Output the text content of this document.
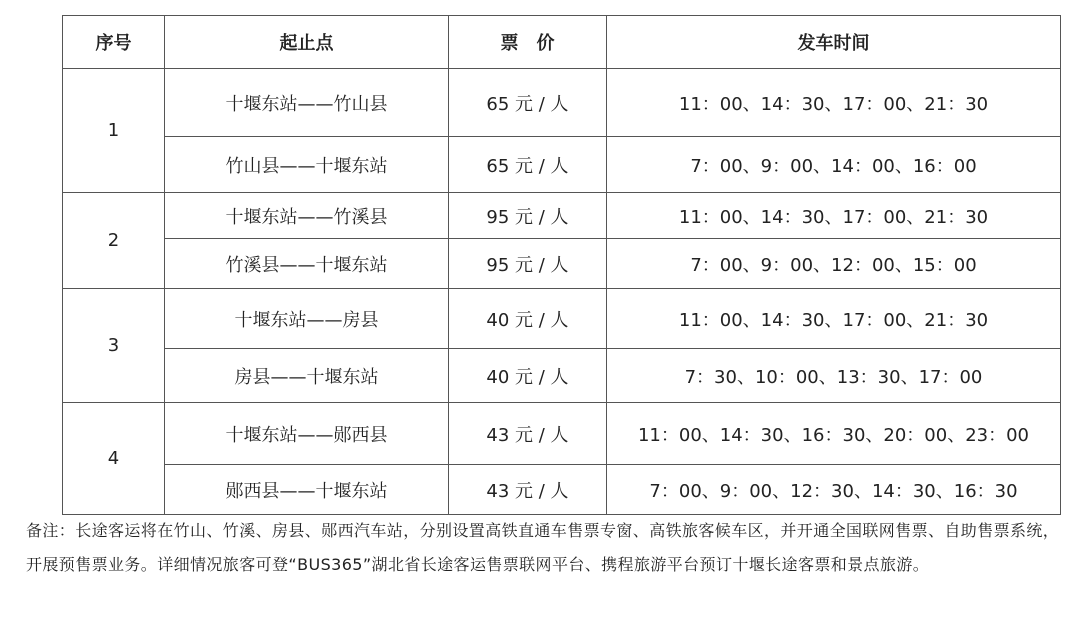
序号	起止点	票　价	发车时间
1	十堰东站——竹山县	65 元 / 人	11：00、14：30、17：00、21：30
	竹山县——十堰东站	65 元 / 人	7：00、9：00、14：00、16：00
2	十堰东站——竹溪县	95 元 / 人	11：00、14：30、17：00、21：30
	竹溪县——十堰东站	95 元 / 人	7：00、9：00、12：00、15：00
3	十堰东站——房县	40 元 / 人	11：00、14：30、17：00、21：30
	房县——十堰东站	40 元 / 人	7：30、10：00、13：30、17：00
4	十堰东站——郧西县	43 元 / 人	11：00、14：30、16：30、20：00、23：00
	郧西县——十堰东站	43 元 / 人	7：00、9：00、12：30、14：30、16：30
备注：长途客运将在竹山、竹溪、房县、郧西汽车站，分别设置高铁直通车售票专窗、高铁旅客候车区，并开通全国联网售票、自助售票系统，开展预售票业务。详细情况旅客可登“BUS365”湖北省长途客运售票联网平台、携程旅游平台预订十堰长途客票和景点旅游。
